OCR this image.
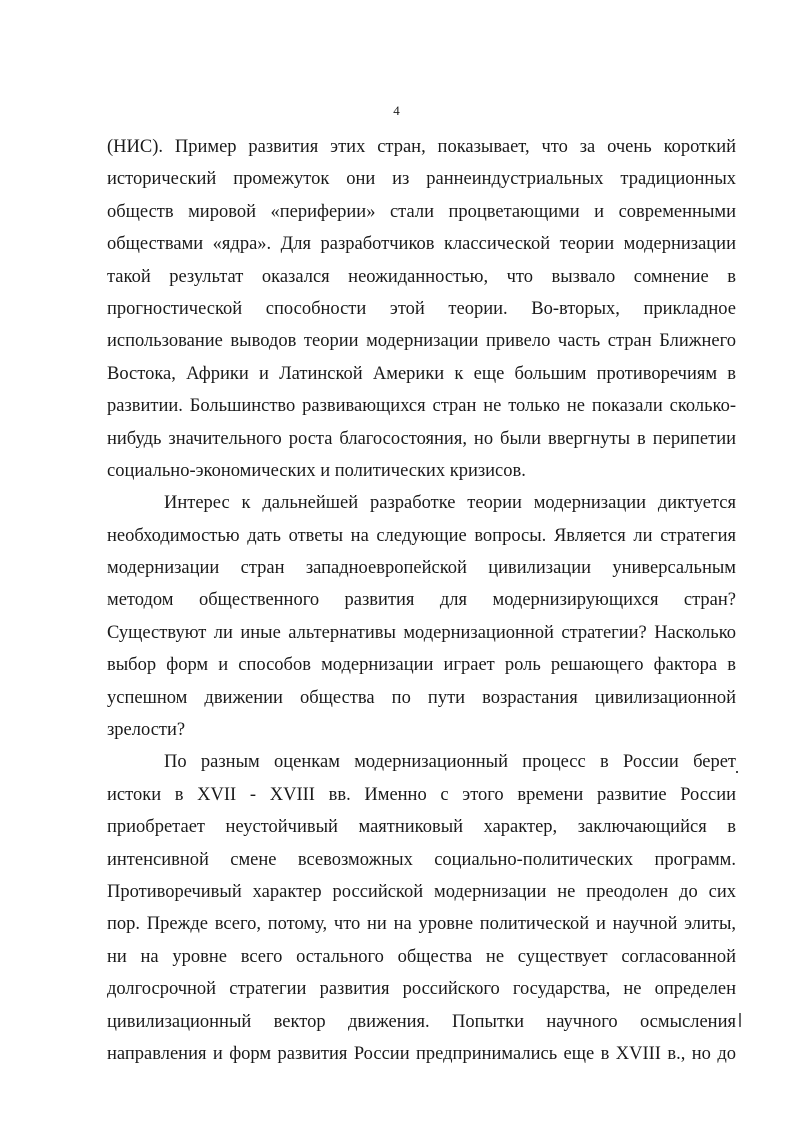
4
(НИС). Пример развития этих стран, показывает, что за очень короткий
исторический промежуток они из раннеиндустриальных традиционных
обществ мировой «периферии» стали процветающими и современными
обществами «ядра». Для разработчиков классической теории модернизации
такой результат оказался неожиданностью, что вызвало сомнение в
прогностической способности этой теории. Во-вторых, прикладное
использование выводов теории модернизации привело часть стран Ближнего
Востока, Африки и Латинской Америки к еще большим противоречиям в
развитии. Большинство развивающихся стран не только не показали сколько-
нибудь значительного роста благосостояния, но были ввергнуты в перипетии
социально-экономических и политических кризисов.
Интерес к дальнейшей разработке теории модернизации диктуется
необходимостью дать ответы на следующие вопросы. Является ли стратегия
модернизации стран западноевропейской цивилизации универсальным
методом общественного развития для модернизирующихся стран?
Существуют ли иные альтернативы модернизационной стратегии? Насколько
выбор форм и способов модернизации играет роль решающего фактора в
успешном движении общества по пути возрастания цивилизационной
зрелости?
По разным оценкам модернизационный процесс в России берет
истоки в XVII - XVIII вв. Именно с этого времени развитие России
приобретает неустойчивый маятниковый характер, заключающийся в
интенсивной смене всевозможных социально-политических программ.
Противоречивый характер российской модернизации не преодолен до сих
пор. Прежде всего, потому, что ни на уровне политической и научной элиты,
ни на уровне всего остального общества не существует согласованной
долгосрочной стратегии развития российского государства, не определен
цивилизационный вектор движения. Попытки научного осмысления
направления и форм развития России предпринимались еще в XVIII в., но до
